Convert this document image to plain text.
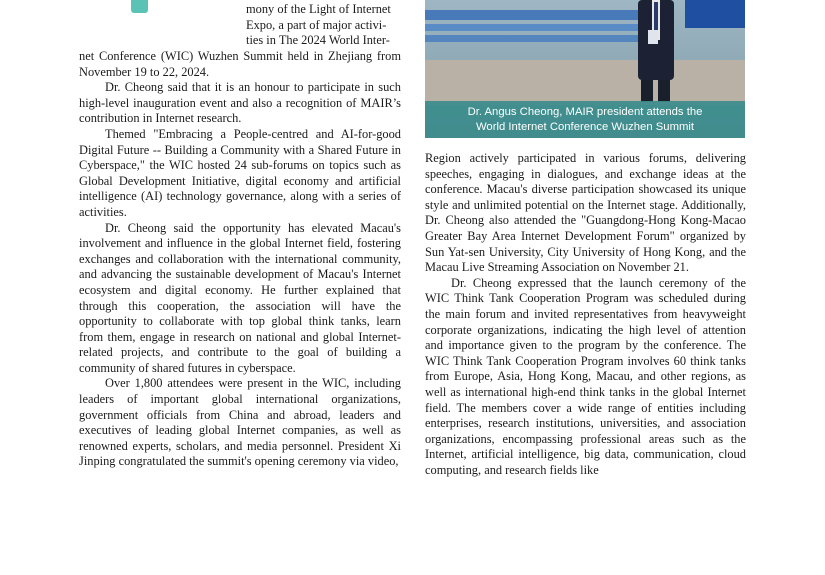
mony of the Light of Internet
Expo, a part of major activi-
ties in The 2024 World Inter-

net Conference (WIC) Wuzhen Summit held in Zhejiang from November 19 to 22, 2024.

Dr. Cheong said that it is an honour to participate in such high-level inauguration event and also a recognition of MAIR’s contribution in Internet research.

Themed "Embracing a People-centred and AI-for-good Digital Future -- Building a Community with a Shared Future in Cyberspace," the WIC hosted 24 sub-forums on topics such as Global Development Initiative, digital economy and artificial intelligence (AI) technology governance, along with a series of activities.

Dr. Cheong said the opportunity has elevated Macau's involvement and influence in the global Internet field, fostering exchanges and collaboration with the international community, and advancing the sustainable development of Macau's Internet ecosystem and digital economy. He further explained that through this cooperation, the association will have the opportunity to collaborate with top global think tanks, learn from them, engage in research on national and global Internet-related projects, and contribute to the goal of building a community of shared futures in cyberspace.

Over 1,800 attendees were present in the WIC, including leaders of important global international organizations, government officials from China and abroad, leaders and executives of leading global Internet companies, as well as renowned experts, scholars, and media personnel. President Xi Jinping congratulated the summit's opening ceremony via video,

Dr. Angus Cheong, MAIR president attends the
World Internet Conference Wuzhen Summit

Region actively participated in various forums, delivering speeches, engaging in dialogues, and exchange ideas at the conference. Macau's diverse participation showcased its unique style and unlimited potential on the Internet stage. Additionally, Dr. Cheong also attended the "Guangdong-Hong Kong-Macao Greater Bay Area Internet Development Forum" organized by Sun Yat-sen University, City University of Hong Kong, and the Macau Live Streaming Association on November 21.

Dr. Cheong expressed that the launch ceremony of the WIC Think Tank Cooperation Program was scheduled during the main forum and invited representatives from heavyweight corporate organizations, indicating the high level of attention and importance given to the program by the conference. The WIC Think Tank Cooperation Program involves 60 think tanks from Europe, Asia, Hong Kong, Macau, and other regions, as well as international high-end think tanks in the global Internet field. The members cover a wide range of entities including enterprises, research institutions, universities, and association organizations, encompassing professional areas such as the Internet, artificial intelligence, big data, communication, cloud computing, and research fields like
